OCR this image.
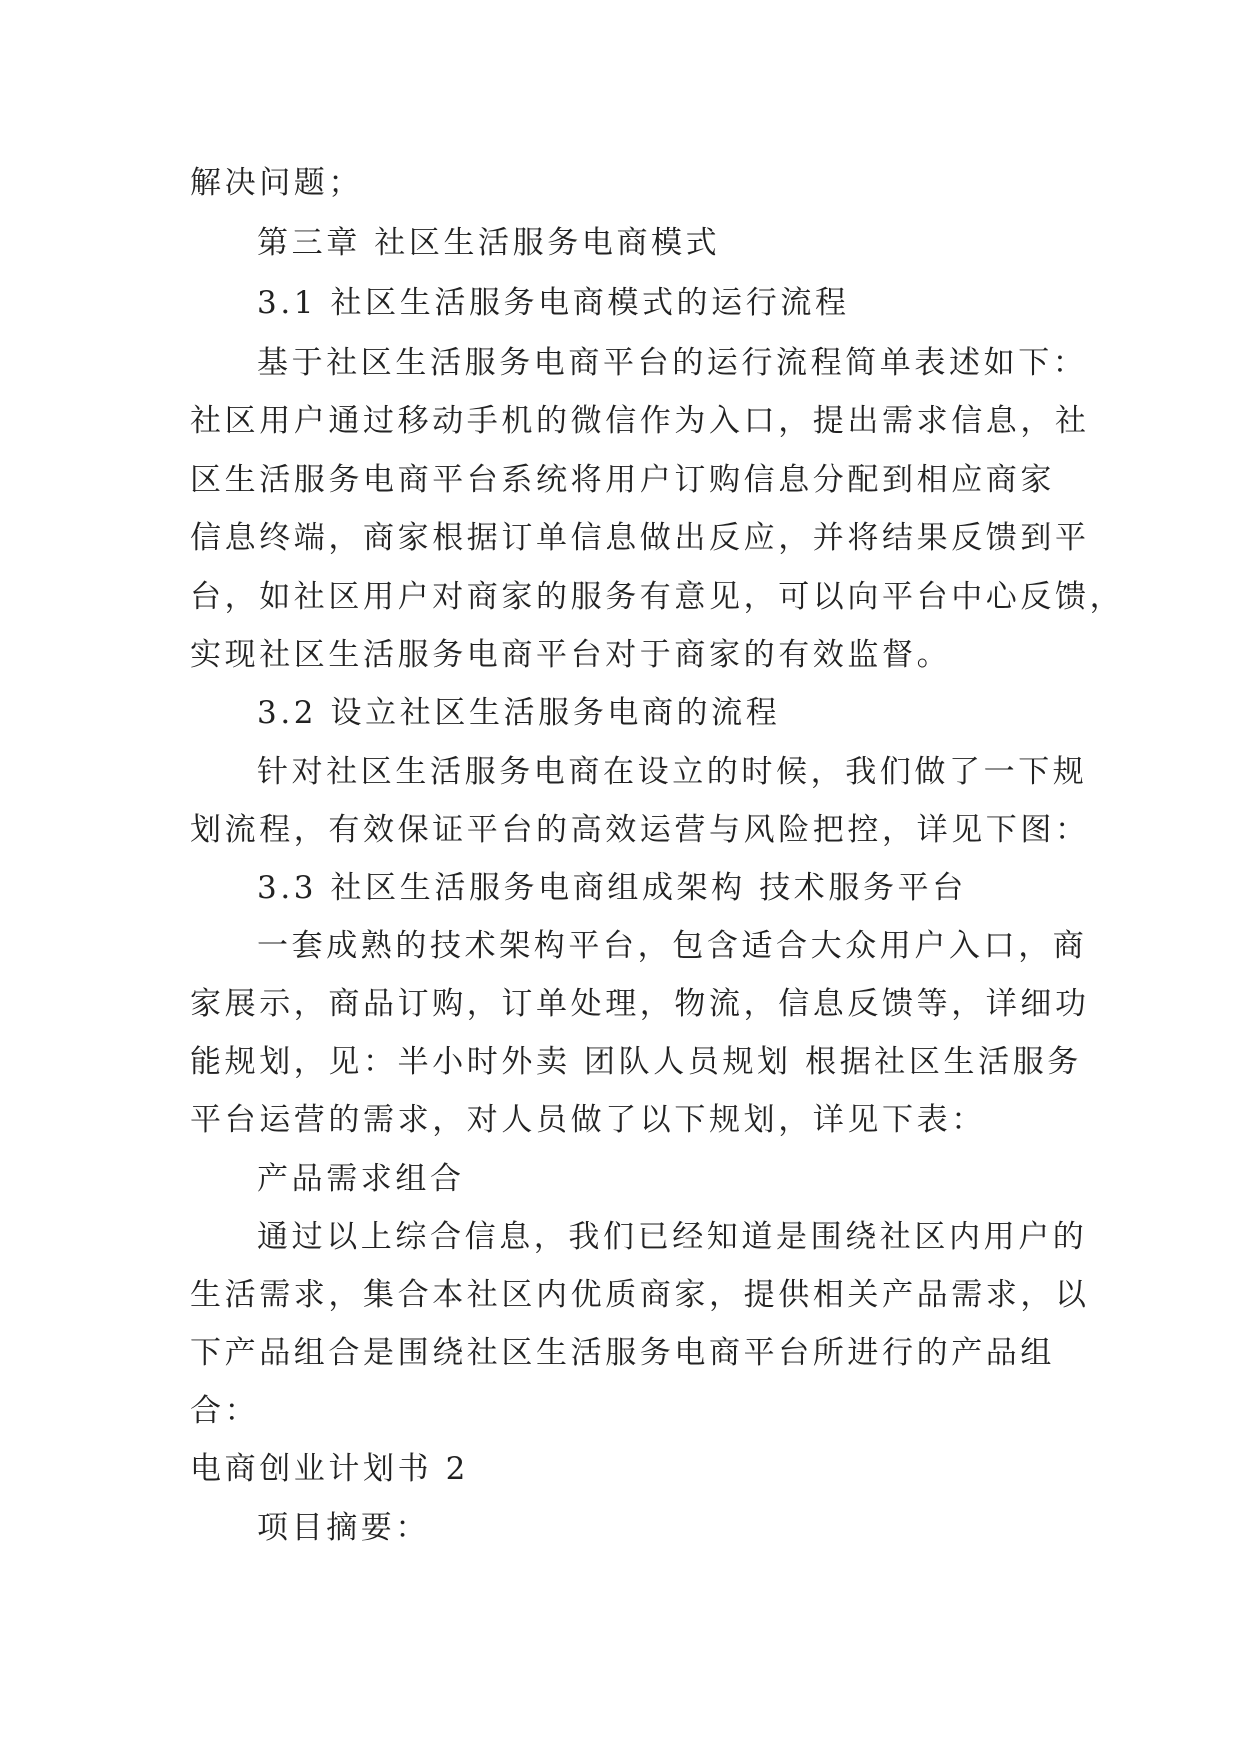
解决问题；
第三章 社区生活服务电商模式
3.1 社区生活服务电商模式的运行流程
基于社区生活服务电商平台的运行流程简单表述如下：
社区用户通过移动手机的微信作为入口，提出需求信息，社
区生活服务电商平台系统将用户订购信息分配到相应商家
信息终端，商家根据订单信息做出反应，并将结果反馈到平
台，如社区用户对商家的服务有意见，可以向平台中心反馈，
实现社区生活服务电商平台对于商家的有效监督。
3.2 设立社区生活服务电商的流程
针对社区生活服务电商在设立的时候，我们做了一下规
划流程，有效保证平台的高效运营与风险把控，详见下图：
3.3 社区生活服务电商组成架构 技术服务平台
一套成熟的技术架构平台，包含适合大众用户入口，商
家展示，商品订购，订单处理，物流，信息反馈等，详细功
能规划，见：半小时外卖 团队人员规划 根据社区生活服务
平台运营的需求，对人员做了以下规划，详见下表：
产品需求组合
通过以上综合信息，我们已经知道是围绕社区内用户的
生活需求，集合本社区内优质商家，提供相关产品需求，以
下产品组合是围绕社区生活服务电商平台所进行的产品组
合：
电商创业计划书 2
项目摘要：
